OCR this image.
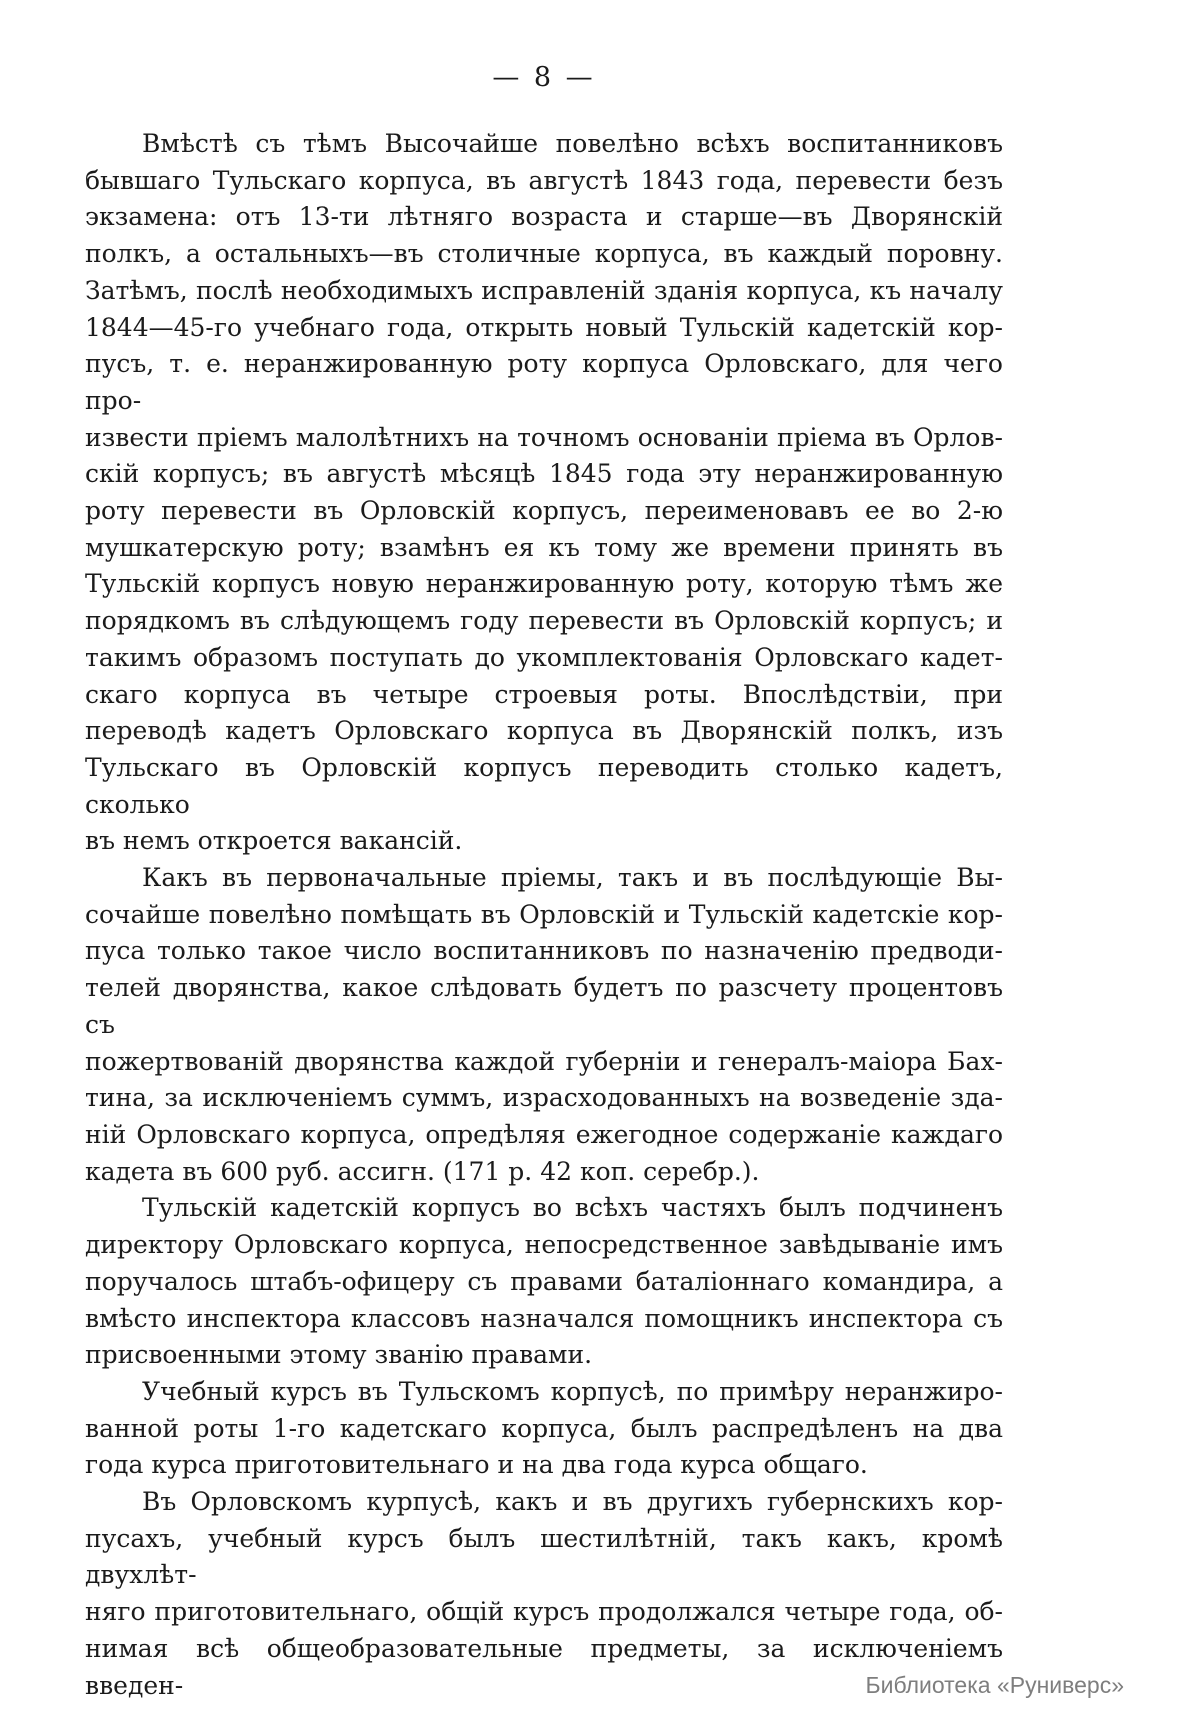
— 8 —
Вмѣстѣ съ тѣмъ Высочайше повелѣно всѣхъ воспитанниковъ
бывшаго Тульскаго корпуса, въ августѣ 1843 года, перевести безъ
экзамена: отъ 13-ти лѣтняго возраста и старше—въ Дворянскій
полкъ, а остальныхъ—въ столичные корпуса, въ каждый поровну.
Затѣмъ, послѣ необходимыхъ исправленій зданія корпуса, къ началу
1844—45-го учебнаго года, открыть новый Тульскій кадетскій кор-
пусъ, т. е. неранжированную роту корпуса Орловскаго, для чего про-
извести пріемъ малолѣтнихъ на точномъ основаніи пріема въ Орлов-
скій корпусъ; въ августѣ мѣсяцѣ 1845 года эту неранжированную
роту перевести въ Орловскій корпусъ, переименовавъ ее во 2-ю
мушкатерскую роту; взамѣнъ ея къ тому же времени принять въ
Тульскій корпусъ новую неранжированную роту, которую тѣмъ же
порядкомъ въ слѣдующемъ году перевести въ Орловскій корпусъ; и
такимъ образомъ поступать до укомплектованія Орловскаго кадет-
скаго корпуса въ четыре строевыя роты. Впослѣдствіи, при
переводѣ кадетъ Орловскаго корпуса въ Дворянскій полкъ, изъ
Тульскаго въ Орловскій корпусъ переводить столько кадетъ, сколько
въ немъ откроется вакансій.
Какъ въ первоначальные пріемы, такъ и въ послѣдующіе Вы-
сочайше повелѣно помѣщать въ Орловскій и Тульскій кадетскіе кор-
пуса только такое число воспитанниковъ по назначенію предводи-
телей дворянства, какое слѣдовать будетъ по разсчету процентовъ съ
пожертвованій дворянства каждой губерніи и генералъ-маіора Бах-
тина, за исключеніемъ суммъ, израсходованныхъ на возведеніе зда-
ній Орловскаго корпуса, опредѣляя ежегодное содержаніе каждаго
кадета въ 600 руб. ассигн. (171 р. 42 коп. серебр.).
Тульскій кадетскій корпусъ во всѣхъ частяхъ былъ подчиненъ
директору Орловскаго корпуса, непосредственное завѣдываніе имъ
поручалось штабъ-офицеру съ правами баталіоннаго командира, а
вмѣсто инспектора классовъ назначался помощникъ инспектора съ
присвоенными этому званію правами.
Учебный курсъ въ Тульскомъ корпусѣ, по примѣру неранжиро-
ванной роты 1-го кадетскаго корпуса, былъ распредѣленъ на два
года курса приготовительнаго и на два года курса общаго.
Въ Орловскомъ курпусѣ, какъ и въ другихъ губернскихъ кор-
пусахъ, учебный курсъ былъ шестилѣтній, такъ какъ, кромѣ двухлѣт-
няго приготовительнаго, общій курсъ продолжался четыре года, об-
нимая всѣ общеобразовательные предметы, за исключеніемъ введен-	Библиотека «Руниверс»
